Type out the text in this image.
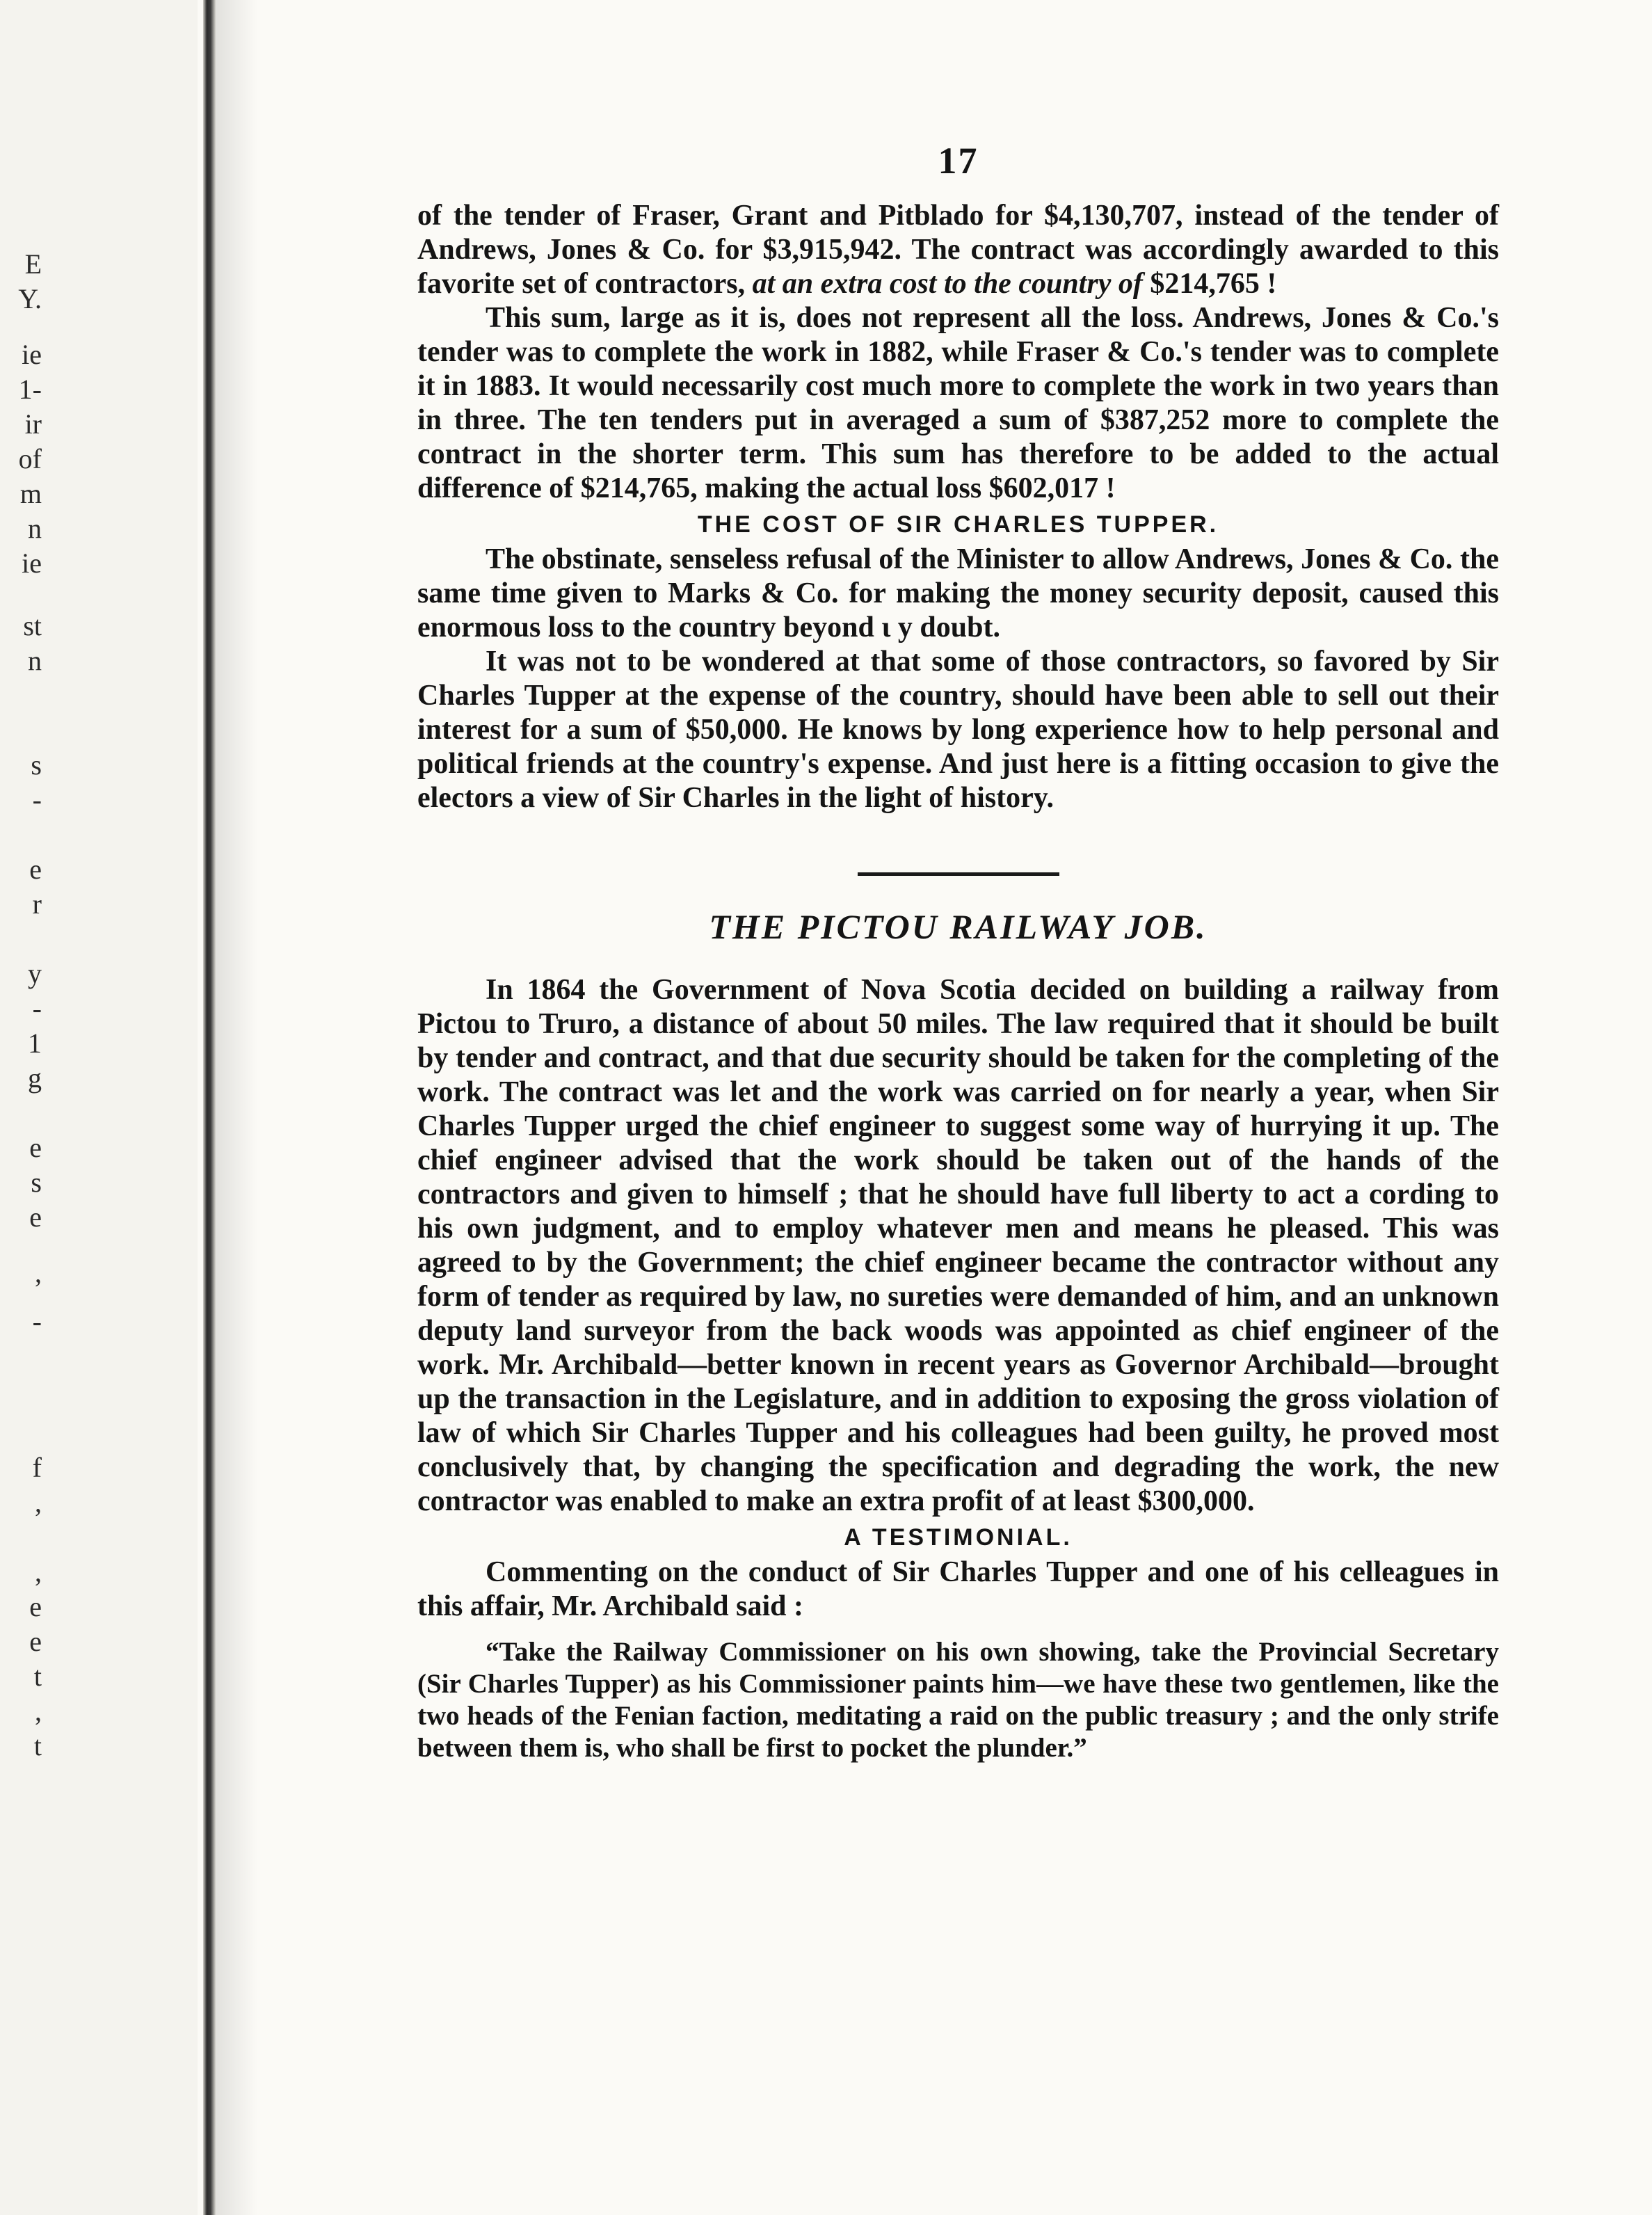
E
Y.
ie
1-
ir
of
m
n
ie
st
n
s
-
e
r
y
-
1
g
e
s
e
,
-
f
,
,
e
e
t
,
t
17

of the tender of Fraser, Grant and Pitblado for $4,130,707, instead of the tender of Andrews, Jones & Co. for $3,915,942. The contract was accordingly awarded to this favorite set of contractors, at an extra cost to the country of $214,765 !

This sum, large as it is, does not represent all the loss. Andrews, Jones & Co.'s tender was to complete the work in 1882, while Fraser & Co.'s tender was to complete it in 1883. It would necessarily cost much more to complete the work in two years than in three. The ten tenders put in averaged a sum of $387,252 more to complete the contract in the shorter term. This sum has therefore to be added to the actual difference of $214,765, making the actual loss $602,017 !

THE COST OF SIR CHARLES TUPPER.

The obstinate, senseless refusal of the Minister to allow Andrews, Jones & Co. the same time given to Marks & Co. for making the money security deposit, caused this enormous loss to the country beyond ι y doubt.

It was not to be wondered at that some of those contractors, so favored by Sir Charles Tupper at the expense of the country, should have been able to sell out their interest for a sum of $50,000. He knows by long experience how to help personal and political friends at the country's expense. And just here is a fitting occasion to give the electors a view of Sir Charles in the light of history.

THE PICTOU RAILWAY JOB.

In 1864 the Government of Nova Scotia decided on building a railway from Pictou to Truro, a distance of about 50 miles. The law required that it should be built by tender and contract, and that due security should be taken for the completing of the work. The contract was let and the work was carried on for nearly a year, when Sir Charles Tupper urged the chief engineer to suggest some way of hurrying it up. The chief engineer advised that the work should be taken out of the hands of the contractors and given to himself ; that he should have full liberty to act a cording to his own judgment, and to employ whatever men and means he pleased. This was agreed to by the Government; the chief engineer became the contractor without any form of tender as required by law, no sureties were demanded of him, and an unknown deputy land surveyor from the back woods was appointed as chief engineer of the work. Mr. Archibald—better known in recent years as Governor Archibald—brought up the transaction in the Legislature, and in addition to exposing the gross violation of law of which Sir Charles Tupper and his colleagues had been guilty, he proved most conclusively that, by changing the specification and degrading the work, the new contractor was enabled to make an extra profit of at least $300,000.

A TESTIMONIAL.

Commenting on the conduct of Sir Charles Tupper and one of his celleagues in this affair, Mr. Archibald said :

“Take the Railway Commissioner on his own showing, take the Provincial Secretary (Sir Charles Tupper) as his Commissioner paints him—we have these two gentlemen, like the two heads of the Fenian faction, meditating a raid on the public treasury ; and the only strife between them is, who shall be first to pocket the plunder.”
